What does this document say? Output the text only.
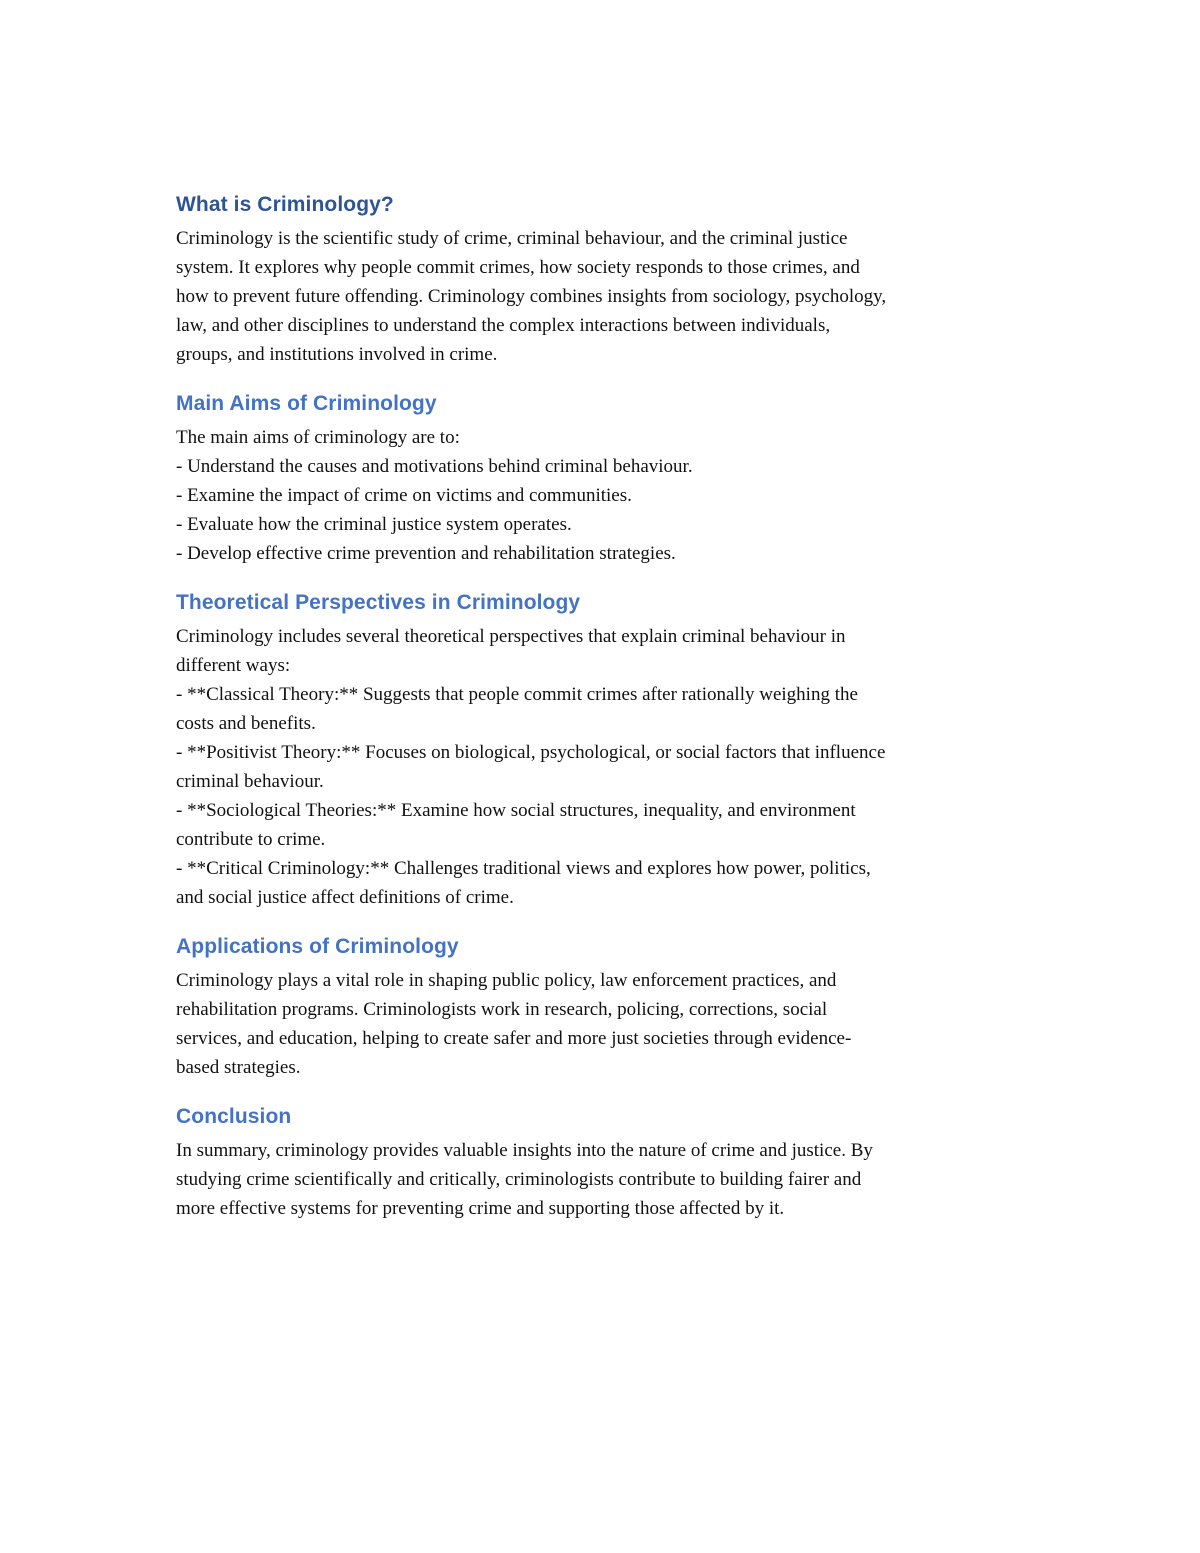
What is Criminology?

Criminology is the scientific study of crime, criminal behaviour, and the criminal justice

system. It explores why people commit crimes, how society responds to those crimes, and

how to prevent future offending. Criminology combines insights from sociology, psychology,

law, and other disciplines to understand the complex interactions between individuals,

groups, and institutions involved in crime.

Main Aims of Criminology

The main aims of criminology are to:

- Understand the causes and motivations behind criminal behaviour.

- Examine the impact of crime on victims and communities.

- Evaluate how the criminal justice system operates.

- Develop effective crime prevention and rehabilitation strategies.

Theoretical Perspectives in Criminology

Criminology includes several theoretical perspectives that explain criminal behaviour in

different ways:

- **Classical Theory:** Suggests that people commit crimes after rationally weighing the

costs and benefits.

- **Positivist Theory:** Focuses on biological, psychological, or social factors that influence

criminal behaviour.

- **Sociological Theories:** Examine how social structures, inequality, and environment

contribute to crime.

- **Critical Criminology:** Challenges traditional views and explores how power, politics,

and social justice affect definitions of crime.

Applications of Criminology

Criminology plays a vital role in shaping public policy, law enforcement practices, and

rehabilitation programs. Criminologists work in research, policing, corrections, social

services, and education, helping to create safer and more just societies through evidence-

based strategies.

Conclusion

In summary, criminology provides valuable insights into the nature of crime and justice. By

studying crime scientifically and critically, criminologists contribute to building fairer and

more effective systems for preventing crime and supporting those affected by it.
